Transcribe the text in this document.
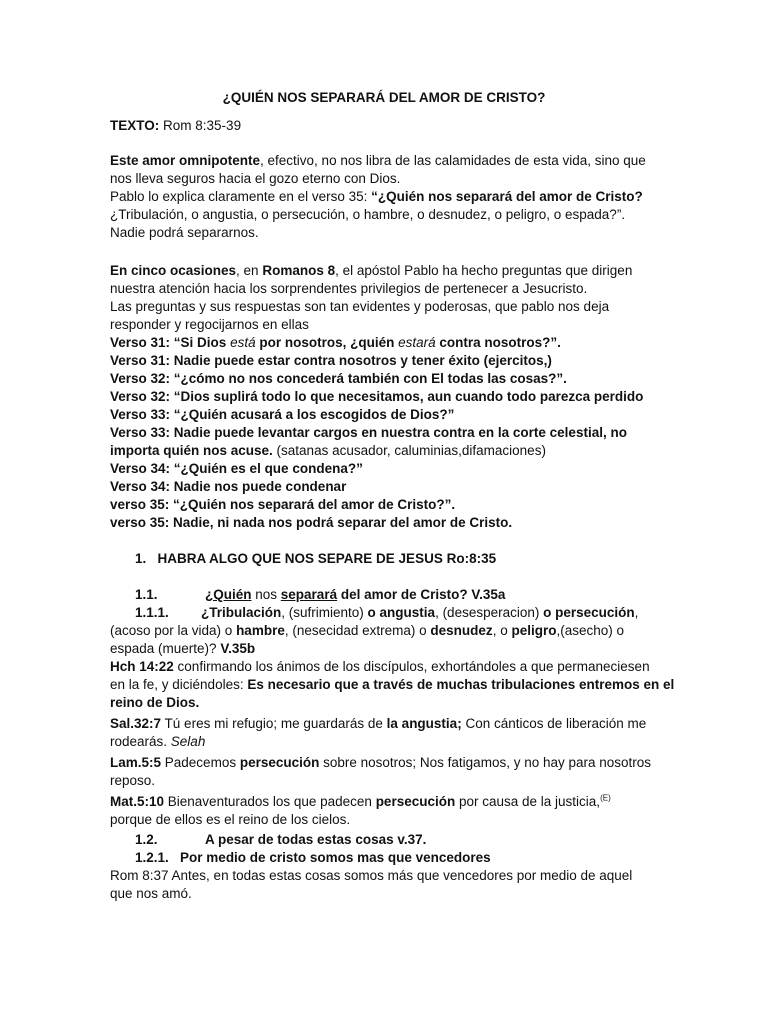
¿QUIÉN NOS SEPARARÁ DEL AMOR DE CRISTO?
TEXTO: Rom 8:35-39
Este amor omnipotente, efectivo, no nos libra de las calamidades de esta vida, sino que
nos lleva seguros hacia el gozo eterno con Dios.
Pablo lo explica claramente en el verso 35: “¿Quién nos separará del amor de Cristo?
¿Tribulación, o angustia, o persecución, o hambre, o desnudez, o peligro, o espada?”.
Nadie podrá separarnos.
En cinco ocasiones, en Romanos 8, el apóstol Pablo ha hecho preguntas que dirigen
nuestra atención hacia los sorprendentes privilegios de pertenecer a Jesucristo.
Las preguntas y sus respuestas son tan evidentes y poderosas, que pablo nos deja
responder y regocijarnos en ellas
Verso 31: “Si Dios está por nosotros, ¿quién estará contra nosotros?”.
Verso 31: Nadie puede estar contra nosotros y tener éxito (ejercitos,)
Verso 32: “¿cómo no nos concederá también con El todas las cosas?”.
Verso 32: “Dios suplirá todo lo que necesitamos, aun cuando todo parezca perdido
Verso 33: “¿Quién acusará a los escogidos de Dios?”
Verso 33: Nadie puede levantar cargos en nuestra contra en la corte celestial, no
importa quién nos acuse. (satanas acusador, caluminias,difamaciones)
Verso 34: “¿Quién es el que condena?”
Verso 34: Nadie nos puede condenar
verso 35: “¿Quién nos separará del amor de Cristo?”.
verso 35: Nadie, ni nada nos podrá separar del amor de Cristo.
1. HABRA ALGO QUE NOS SEPARE DE JESUS Ro:8:35
1.1.	¿Quién nos separará del amor de Cristo? V.35a
1.1.1. ¿Tribulación, (sufrimiento) o angustia, (desesperacion) o persecución,
(acoso por la vida) o hambre, (nesecidad extrema) o desnudez, o peligro,(asecho) o
espada (muerte)? V.35b
Hch 14:22 confirmando los ánimos de los discípulos, exhortándoles a que permaneciesen
en la fe, y diciéndoles: Es necesario que a través de muchas tribulaciones entremos en el
reino de Dios.
Sal.32:7 Tú eres mi refugio; me guardarás de la angustia; Con cánticos de liberación me
rodearás. Selah
Lam.5:5 Padecemos persecución sobre nosotros; Nos fatigamos, y no hay para nosotros
reposo.
Mat.5:10 Bienaventurados los que padecen persecución por causa de la justicia,$^{(E)}$
porque de ellos es el reino de los cielos.
1.2.	A pesar de todas estas cosas v.37.
1.2.1. Por medio de cristo somos mas que vencedores
Rom 8:37 Antes, en todas estas cosas somos más que vencedores por medio de aquel
que nos amó.
